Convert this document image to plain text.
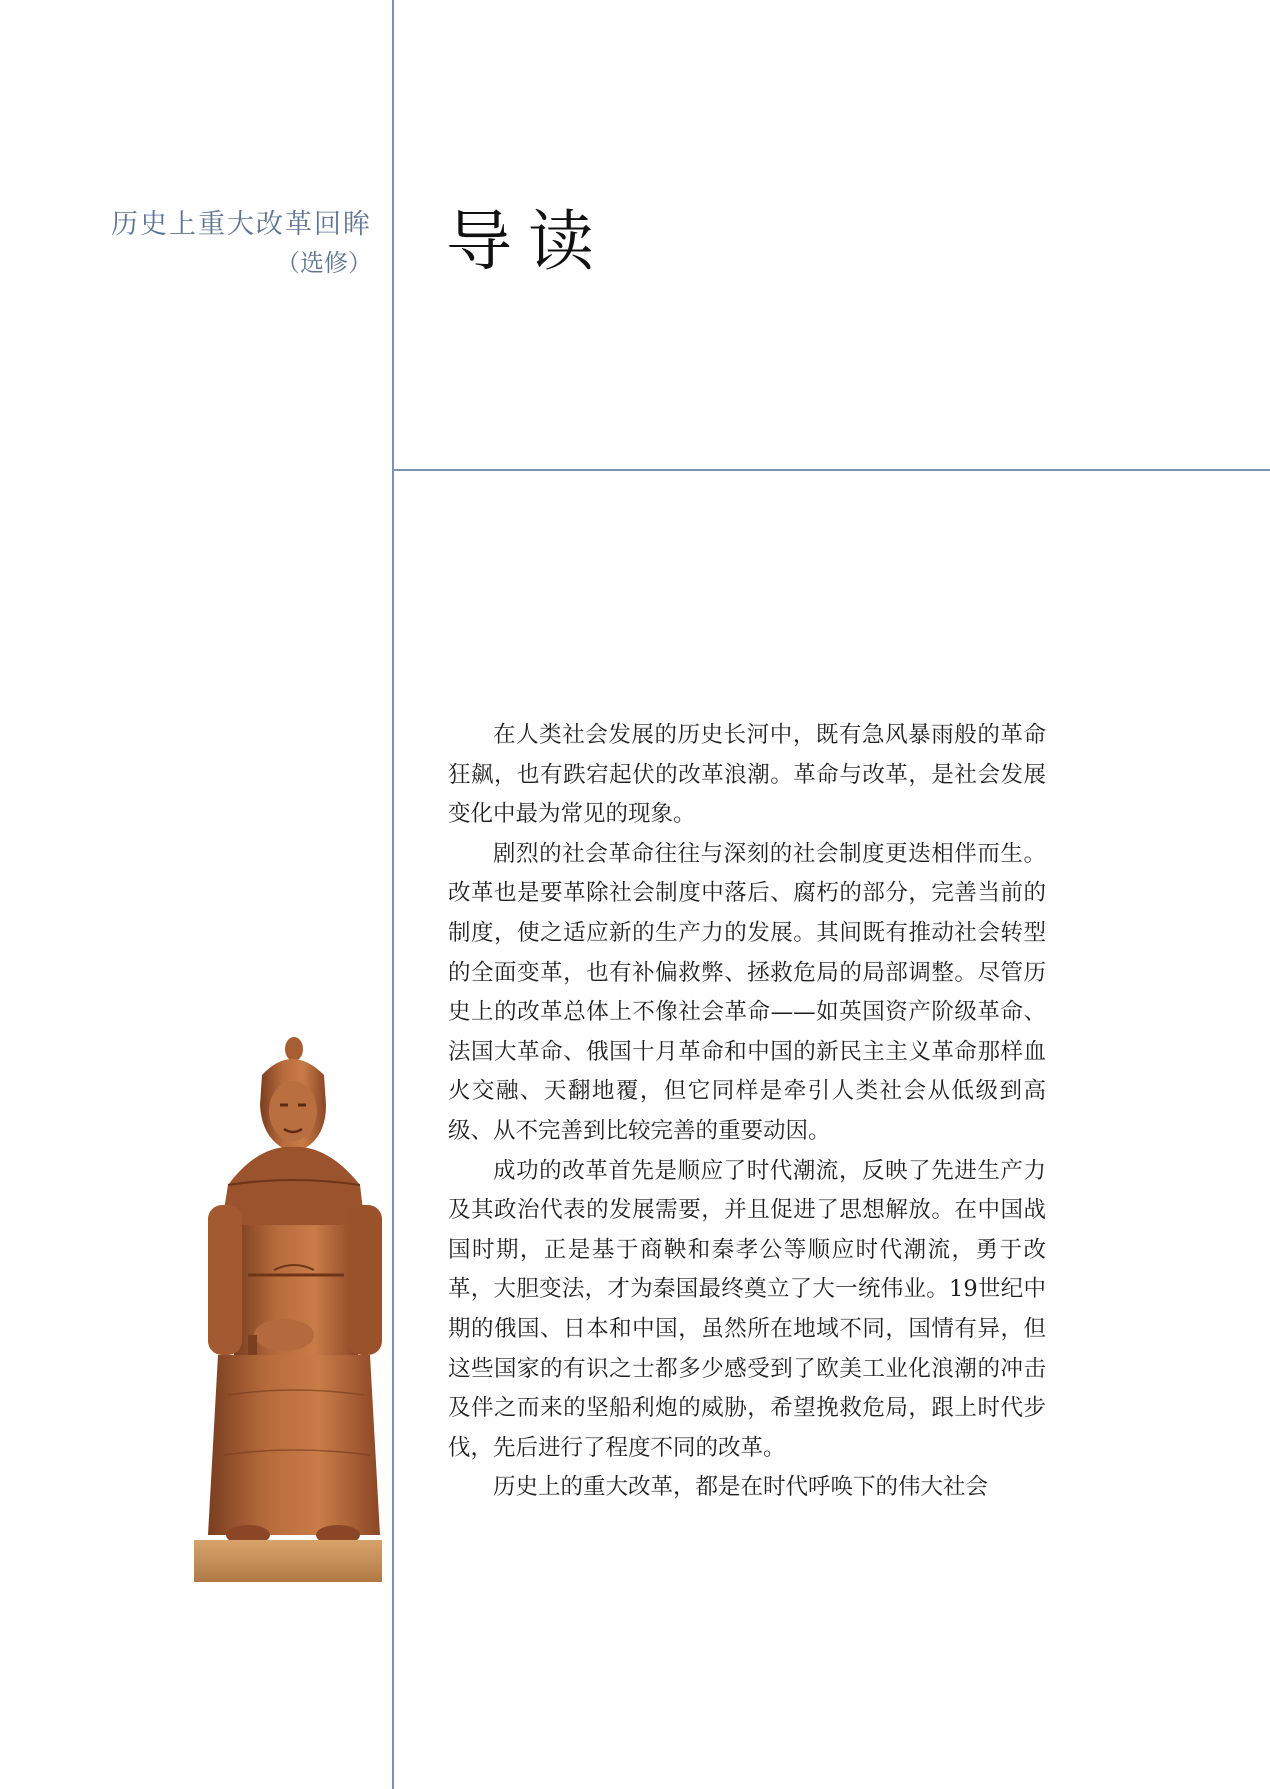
历史上重大改革回眸
（选修） 导读

在人类社会发展的历史长河中，既有急风暴雨般的革命狂飙，也有跌宕起伏的改革浪潮。革命与改革，是社会发展变化中最为常见的现象。

剧烈的社会革命往往与深刻的社会制度更迭相伴而生。改革也是要革除社会制度中落后、腐朽的部分，完善当前的制度，使之适应新的生产力的发展。其间既有推动社会转型的全面变革，也有补偏救弊、拯救危局的局部调整。尽管历史上的改革总体上不像社会革命——如英国资产阶级革命、法国大革命、俄国十月革命和中国的新民主主义革命那样血火交融、天翻地覆，但它同样是牵引人类社会从低级到高级、从不完善到比较完善的重要动因。

成功的改革首先是顺应了时代潮流，反映了先进生产力及其政治代表的发展需要，并且促进了思想解放。在中国战国时期，正是基于商鞅和秦孝公等顺应时代潮流，勇于改革，大胆变法，才为秦国最终奠立了大一统伟业。19世纪中期的俄国、日本和中国，虽然所在地域不同，国情有异，但这些国家的有识之士都多少感受到了欧美工业化浪潮的冲击及伴之而来的坚船利炮的威胁，希望挽救危局，跟上时代步伐，先后进行了程度不同的改革。

历史上的重大改革，都是在时代呼唤下的伟大社会
